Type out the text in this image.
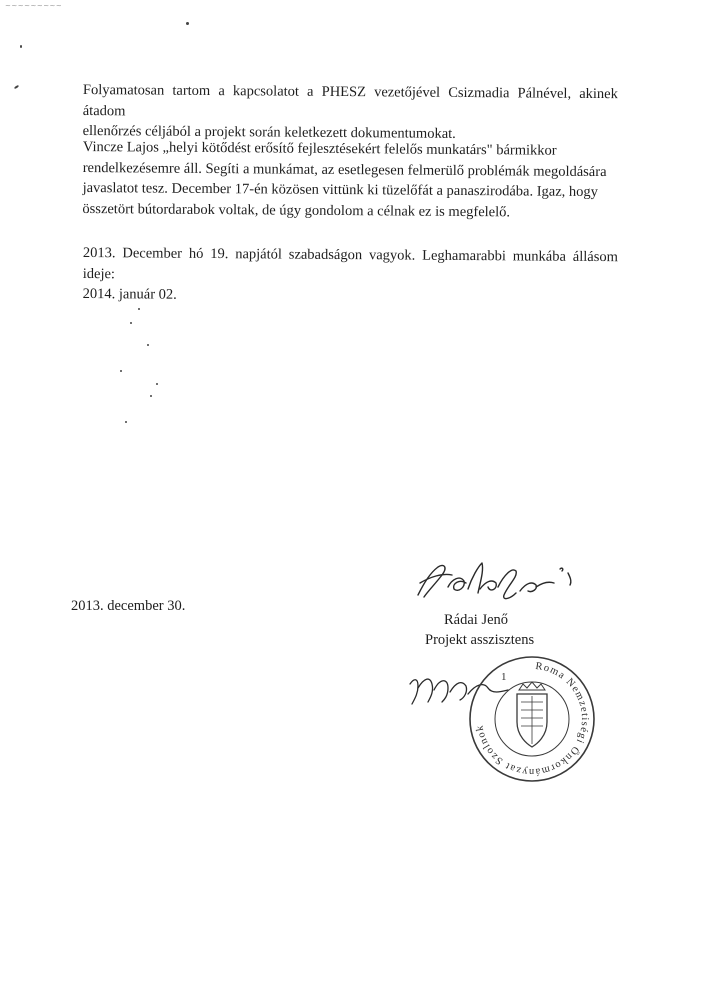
~~~~~~~~~
Folyamatosan tartom a kapcsolatot a PHESZ vezetőjével Csizmadia Pálnével, akinek átadom
ellenőrzés céljából a projekt során keletkezett dokumentumokat.
Vincze Lajos „helyi kötődést erősítő fejlesztésekért felelős munkatárs" bármikkor
rendelkezésemre áll. Segíti a munkámat, az esetlegesen felmerülő problémák megoldására
javaslatot tesz. December 17-én közösen vittünk ki tüzelőfát a panaszirodába. Igaz, hogy
összetört bútordarabok voltak, de úgy gondolom a célnak ez is megfelelő.
2013. December hó 19. napjától szabadságon vagyok. Leghamarabbi munkába állásom ideje:
2014. január 02.
2013. december 30.
Rádai Jenő
Projekt asszisztens
Roma Nemzetiségi Önkormányzat Szolnok
1
